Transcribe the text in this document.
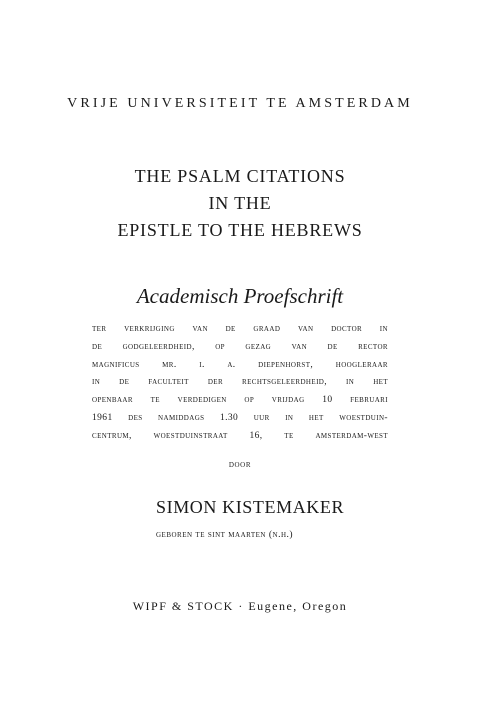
VRIJE UNIVERSITEIT TE AMSTERDAM
THE PSALM CITATIONS
IN THE
EPISTLE TO THE HEBREWS
Academisch Proefschrift
ter verkrijging van de graad van doctor in
de godgeleerdheid, op gezag van de rector
magnificus mr. i. a. diepenhorst, hoogleraar
in de faculteit der rechtsgeleerdheid, in het
openbaar te verdedigen op vrijdag 10 februari
1961 des namiddags 1.30 uur in het woestduin-
centrum, woestduinstraat 16, te amsterdam-west
door
SIMON KISTEMAKER
geboren te sint maarten (n.h.)
WIPF & STOCK · Eugene, Oregon
